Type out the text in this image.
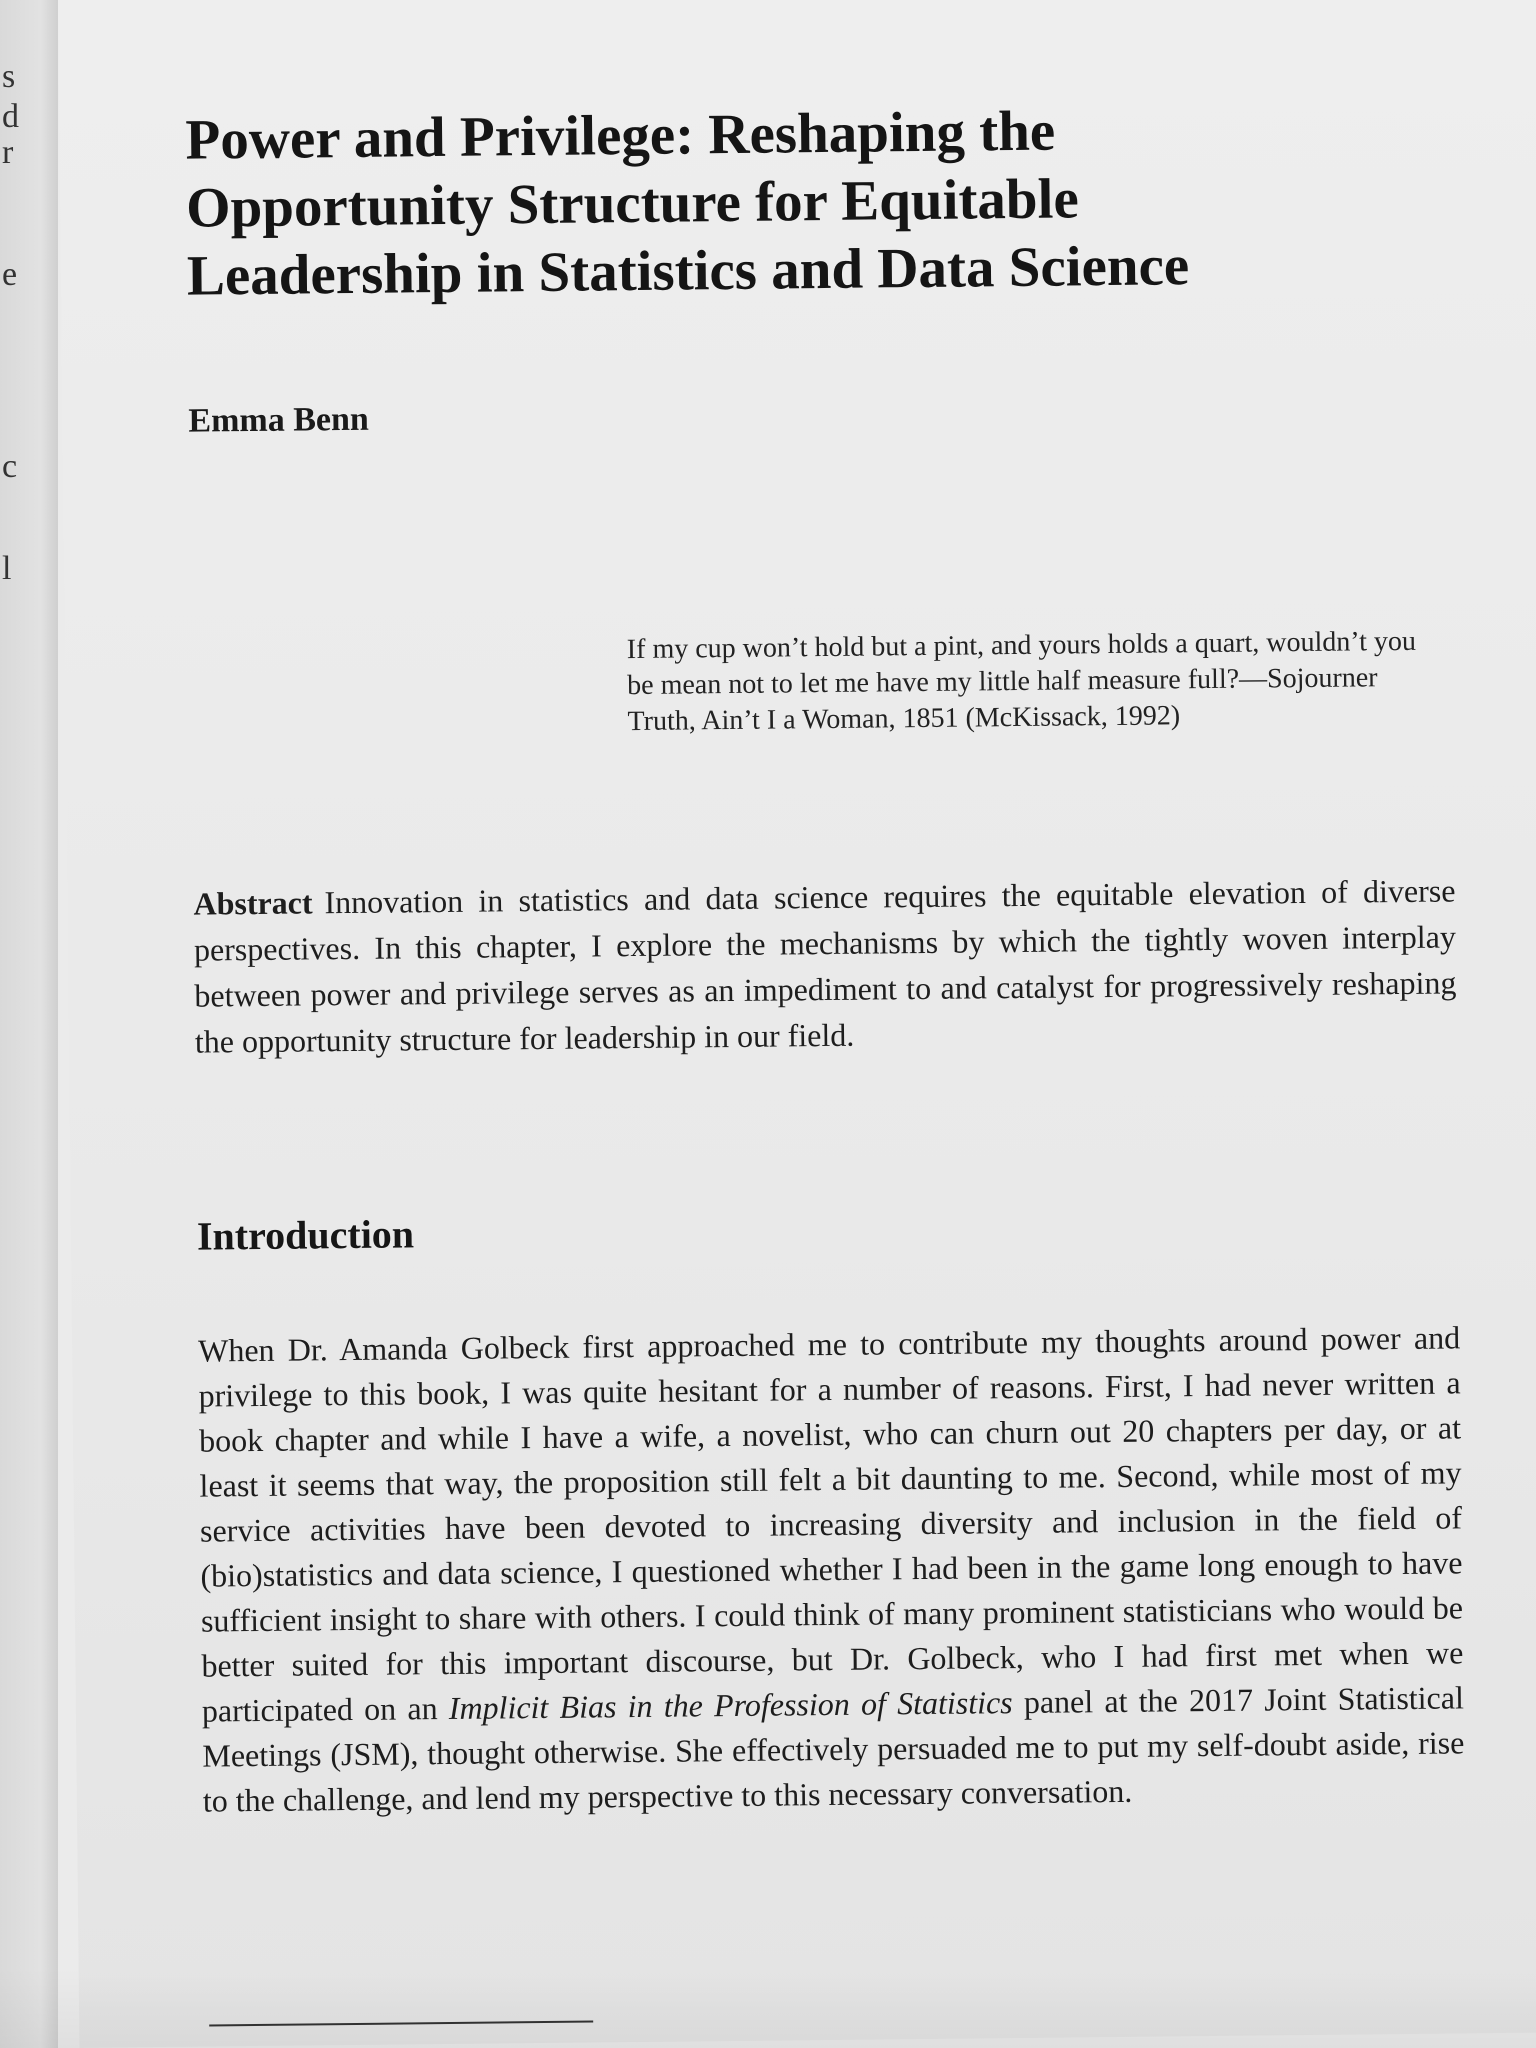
s
d
r
e
c
l
Power and Privilege: Reshaping the Opportunity Structure for Equitable Leadership in Statistics and Data Science

Emma Benn

If my cup won’t hold but a pint, and yours holds a quart, wouldn’t you be mean not to let me have my little half measure full?—Sojourner Truth, Ain’t I a Woman, 1851 (McKissack, 1992)

Abstract Innovation in statistics and data science requires the equitable elevation of diverse perspectives. In this chapter, I explore the mechanisms by which the tightly woven interplay between power and privilege serves as an impediment to and catalyst for progressively reshaping the opportunity structure for leadership in our field.

Introduction

When Dr. Amanda Golbeck first approached me to contribute my thoughts around power and privilege to this book, I was quite hesitant for a number of reasons. First, I had never written a book chapter and while I have a wife, a novelist, who can churn out 20 chapters per day, or at least it seems that way, the proposition still felt a bit daunting to me. Second, while most of my service activities have been devoted to increasing diversity and inclusion in the field of (bio)statistics and data science, I questioned whether I had been in the game long enough to have sufficient insight to share with others. I could think of many prominent statisticians who would be better suited for this important discourse, but Dr. Golbeck, who I had first met when we participated on an Implicit Bias in the Profession of Statistics panel at the 2017 Joint Statistical Meetings (JSM), thought otherwise. She effectively persuaded me to put my self-doubt aside, rise to the challenge, and lend my perspective to this necessary conversation.
